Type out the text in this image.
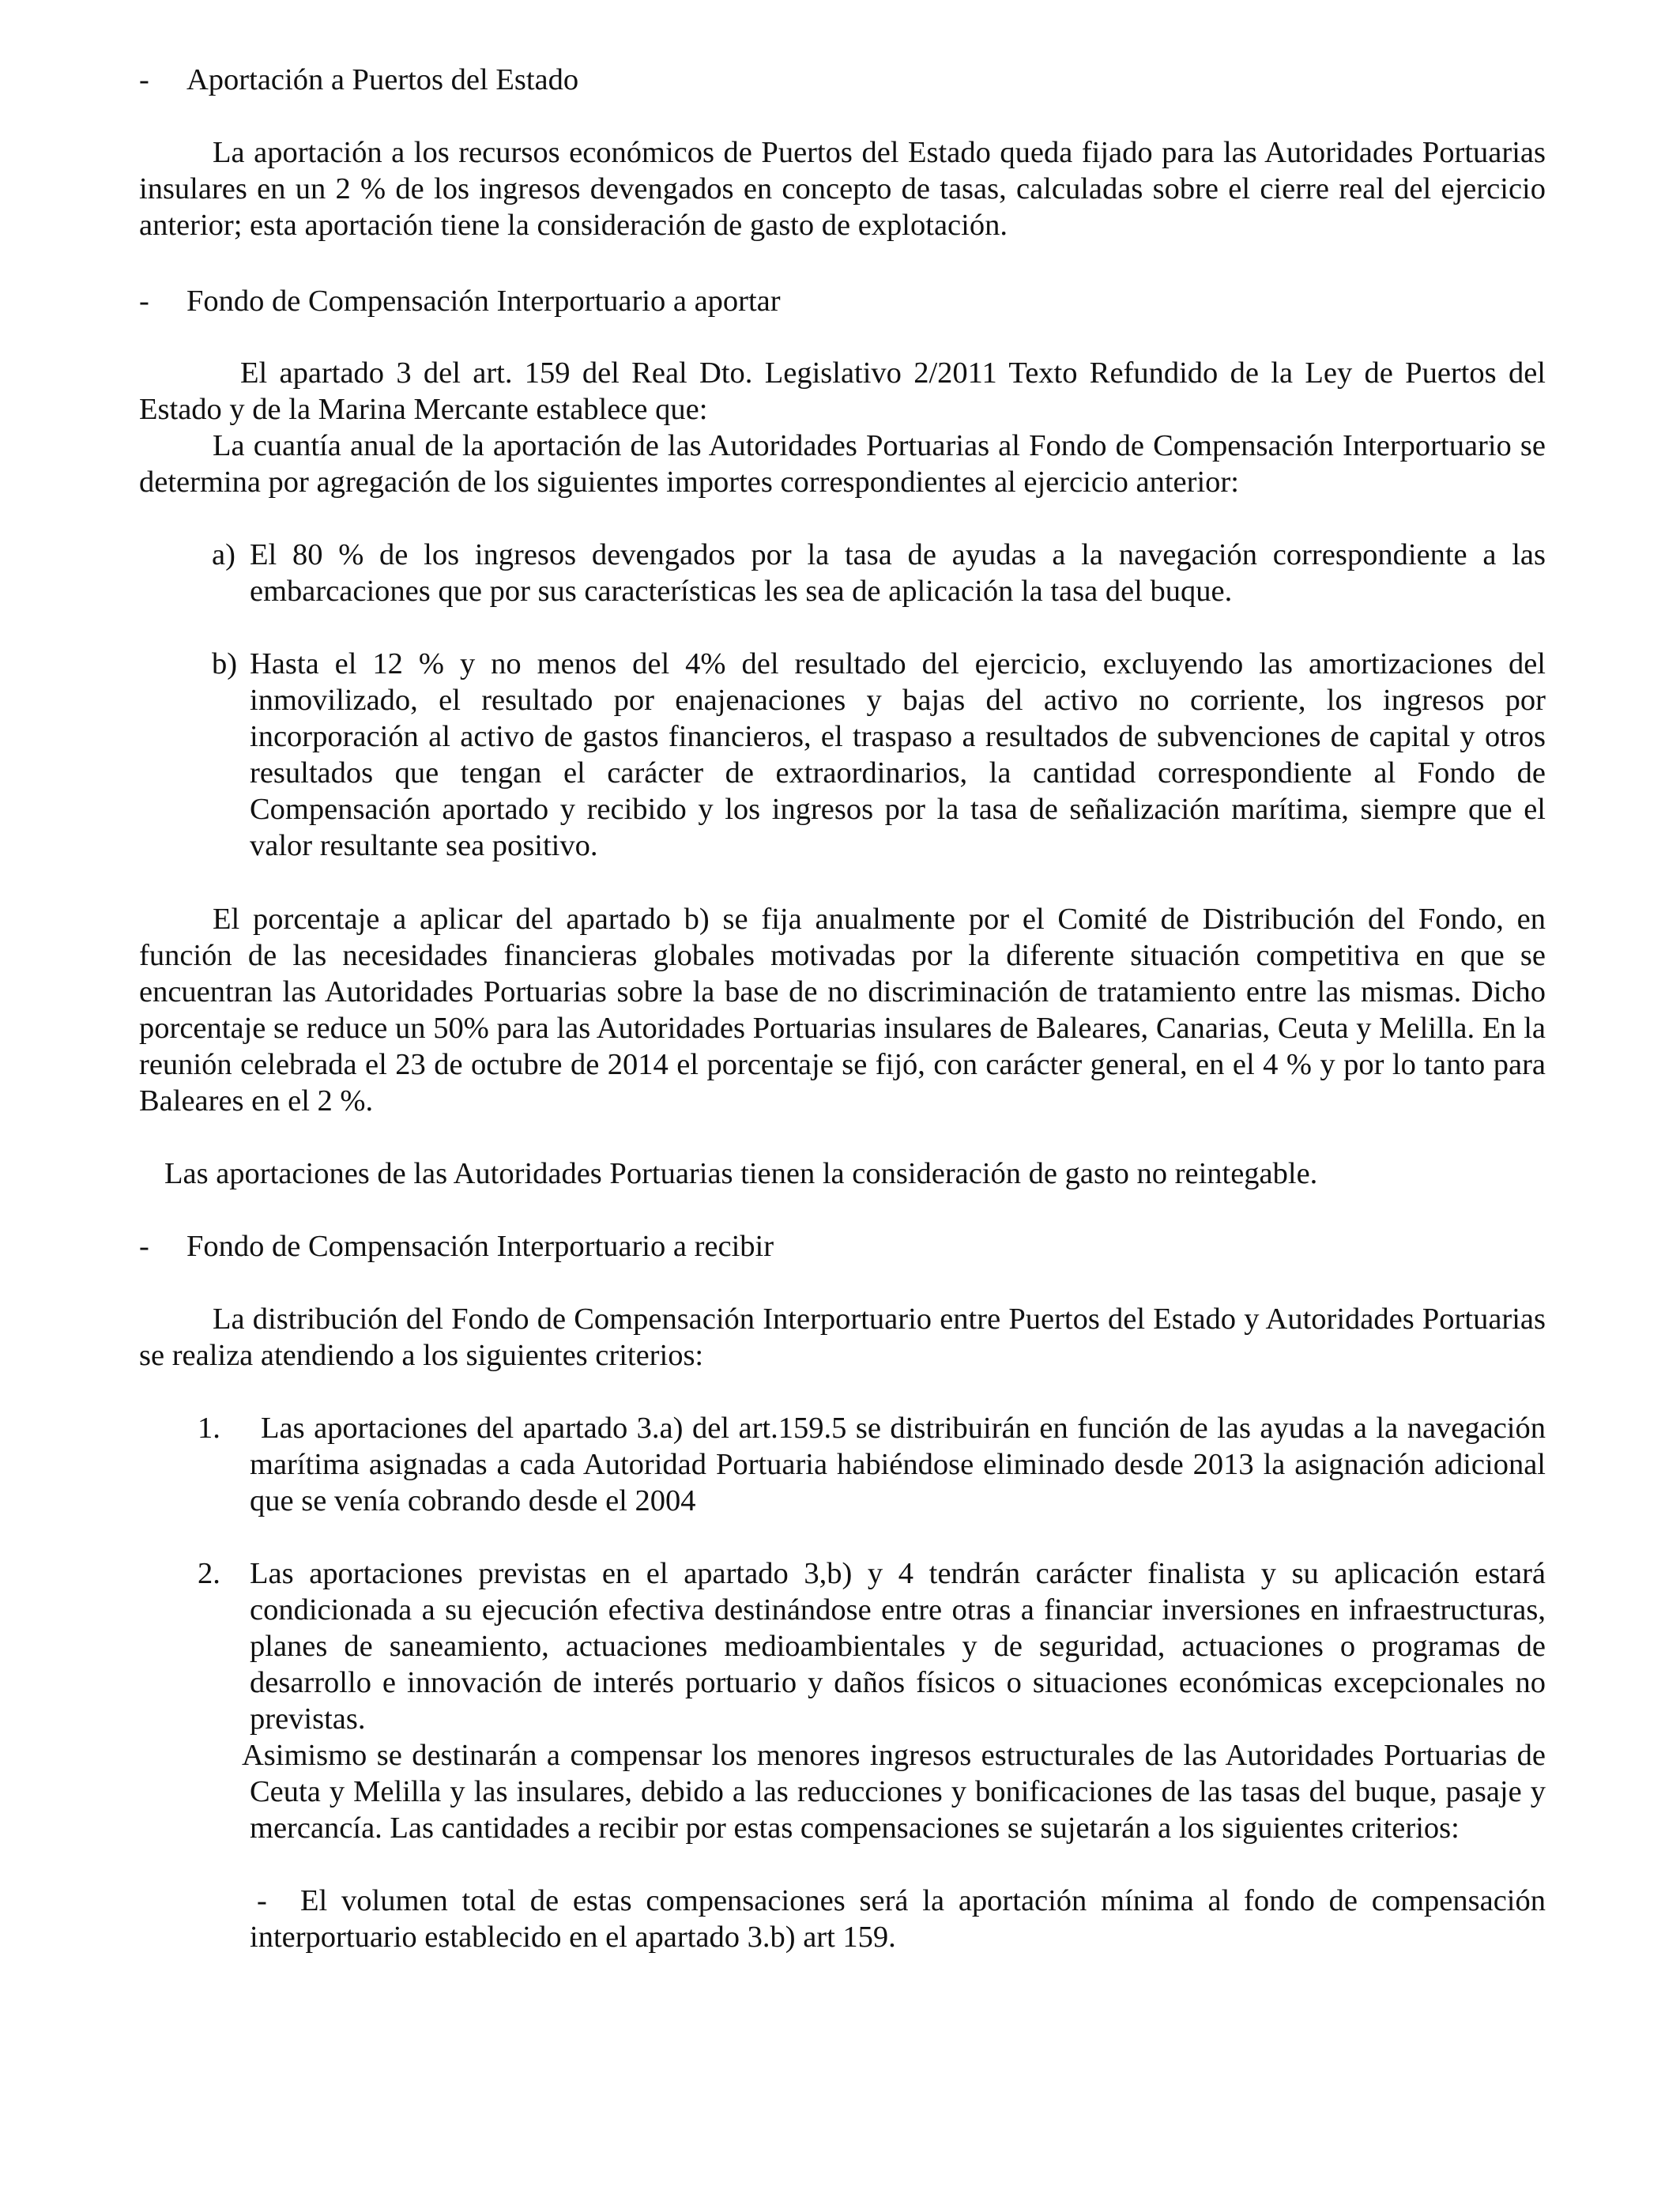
- Aportación a Puertos del Estado

La aportación a los recursos económicos de Puertos del Estado queda fijado para las Autoridades Portuarias insulares en un 2 % de los ingresos devengados en concepto de tasas, calculadas sobre el cierre real del ejercicio anterior; esta aportación tiene la consideración de gasto de explotación.

- Fondo de Compensación Interportuario a aportar

El apartado 3 del art. 159 del Real Dto. Legislativo 2/2011 Texto Refundido de la Ley de Puertos del Estado y de la Marina Mercante establece que:

La cuantía anual de la aportación de las Autoridades Portuarias al Fondo de Compensación Interportuario se determina por agregación de los siguientes importes correspondientes al ejercicio anterior:

a) El 80 % de los ingresos devengados por la tasa de ayudas a la navegación correspondiente a las embarcaciones que por sus características les sea de aplicación la tasa del buque.
b) Hasta el 12 % y no menos del 4% del resultado del ejercicio, excluyendo las amortizaciones del inmovilizado, el resultado por enajenaciones y bajas del activo no corriente, los ingresos por incorporación al activo de gastos financieros, el traspaso a resultados de subvenciones de capital y otros resultados que tengan el carácter de extraordinarios, la cantidad correspondiente al Fondo de Compensación aportado y recibido y los ingresos por la tasa de señalización marítima, siempre que el valor resultante sea positivo.

El porcentaje a aplicar del apartado b) se fija anualmente por el Comité de Distribución del Fondo, en función de las necesidades financieras globales motivadas por la diferente situación competitiva en que se encuentran las Autoridades Portuarias sobre la base de no discriminación de tratamiento entre las mismas. Dicho porcentaje se reduce un 50% para las Autoridades Portuarias insulares de Baleares, Canarias, Ceuta y Melilla. En la reunión celebrada el 23 de octubre de 2014 el porcentaje se fijó, con carácter general, en el 4 % y por lo tanto para Baleares en el 2 %.

Las aportaciones de las Autoridades Portuarias tienen la consideración de gasto no reintegable.

- Fondo de Compensación Interportuario a recibir

La distribución del Fondo de Compensación Interportuario entre Puertos del Estado y Autoridades Portuarias se realiza atendiendo a los siguientes criterios:

1. Las aportaciones del apartado 3.a) del art.159.5 se distribuirán en función de las ayudas a la navegación marítima asignadas a cada Autoridad Portuaria habiéndose eliminado desde 2013 la asignación adicional que se venía cobrando desde el 2004
2. Las aportaciones previstas en el apartado 3,b) y 4 tendrán carácter finalista y su aplicación estará condicionada a su ejecución efectiva destinándose entre otras a financiar inversiones en infraestructuras, planes de saneamiento, actuaciones medioambientales y de seguridad, actuaciones o programas de desarrollo e innovación de interés portuario y daños físicos o situaciones económicas excepcionales no previstas.

Asimismo se destinarán a compensar los menores ingresos estructurales de las Autoridades Portuarias de Ceuta y Melilla y las insulares, debido a las reducciones y bonificaciones de las tasas del buque, pasaje y mercancía. Las cantidades a recibir por estas compensaciones se sujetarán a los siguientes criterios:

- El volumen total de estas compensaciones será la aportación mínima al fondo de compensación interportuario establecido en el apartado 3.b) art 159.
